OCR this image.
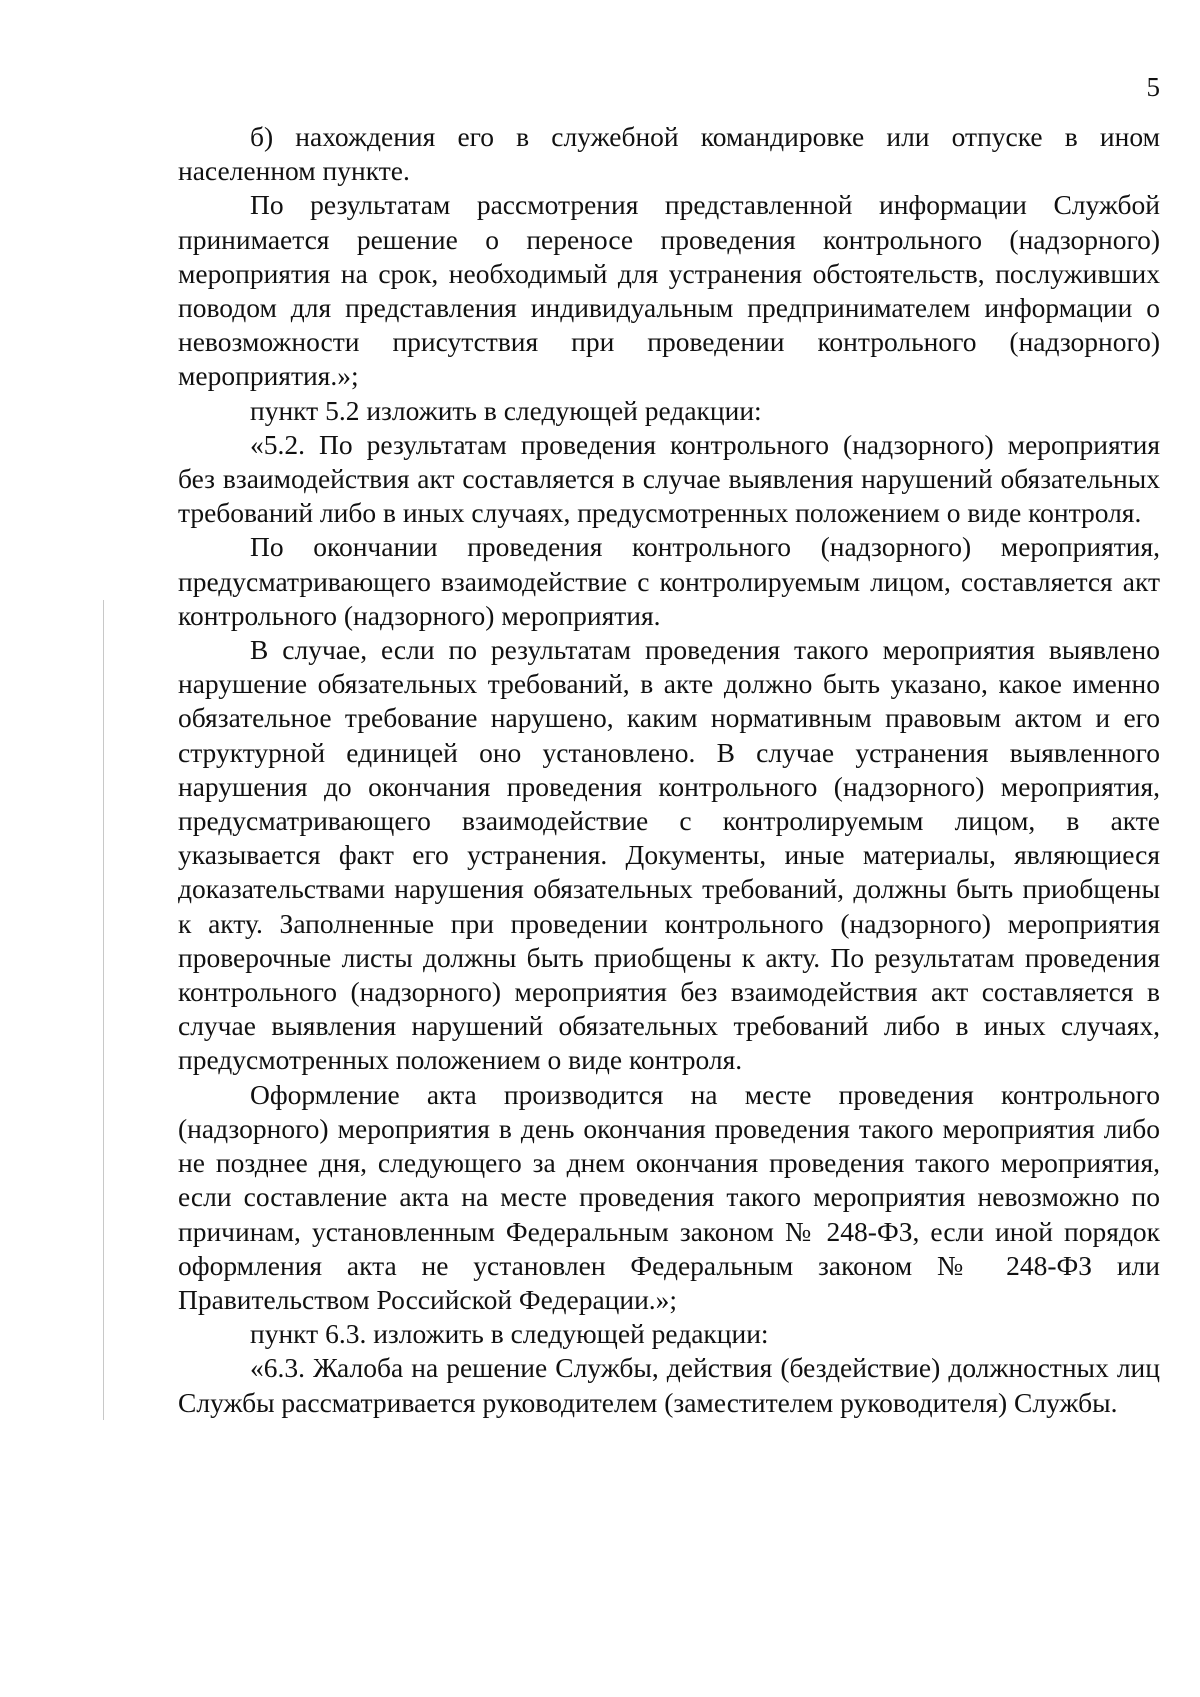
5

б) нахождения его в служебной командировке или отпуске в ином населенном пункте.

По результатам рассмотрения представленной информации Службой принимается решение о переносе проведения контрольного (надзорного) мероприятия на срок, необходимый для устранения обстоятельств, послуживших поводом для представления индивидуальным предпринимателем информации о невозможности присутствия при проведении контрольного (надзорного) мероприятия.»;

пункт 5.2 изложить в следующей редакции:

«5.2. По результатам проведения контрольного (надзорного) мероприятия без взаимодействия акт составляется в случае выявления нарушений обязательных требований либо в иных случаях, предусмотренных положением о виде контроля.

По окончании проведения контрольного (надзорного) мероприятия, предусматривающего взаимодействие с контролируемым лицом, составляется акт контрольного (надзорного) мероприятия.

В случае, если по результатам проведения такого мероприятия выявлено нарушение обязательных требований, в акте должно быть указано, какое именно обязательное требование нарушено, каким нормативным правовым актом и его структурной единицей оно установлено. В случае устранения выявленного нарушения до окончания проведения контрольного (надзорного) мероприятия, предусматривающего взаимодействие с контролируемым лицом, в акте указывается факт его устранения. Документы, иные материалы, являющиеся доказательствами нарушения обязательных требований, должны быть приобщены к акту. Заполненные при проведении контрольного (надзорного) мероприятия проверочные листы должны быть приобщены к акту. По результатам проведения контрольного (надзорного) мероприятия без взаимодействия акт составляется в случае выявления нарушений обязательных требований либо в иных случаях, предусмотренных положением о виде контроля.

Оформление акта производится на месте проведения контрольного (надзорного) мероприятия в день окончания проведения такого мероприятия либо не позднее дня, следующего за днем окончания проведения такого мероприятия, если составление акта на месте проведения такого мероприятия невозможно по причинам, установленным Федеральным законом № 248-ФЗ, если иной порядок оформления акта не установлен Федеральным законом № 248-ФЗ или Правительством Российской Федерации.»;

пункт 6.3. изложить в следующей редакции:

«6.3. Жалоба на решение Службы, действия (бездействие) должностных лиц Службы рассматривается руководителем (заместителем руководителя) Службы.
